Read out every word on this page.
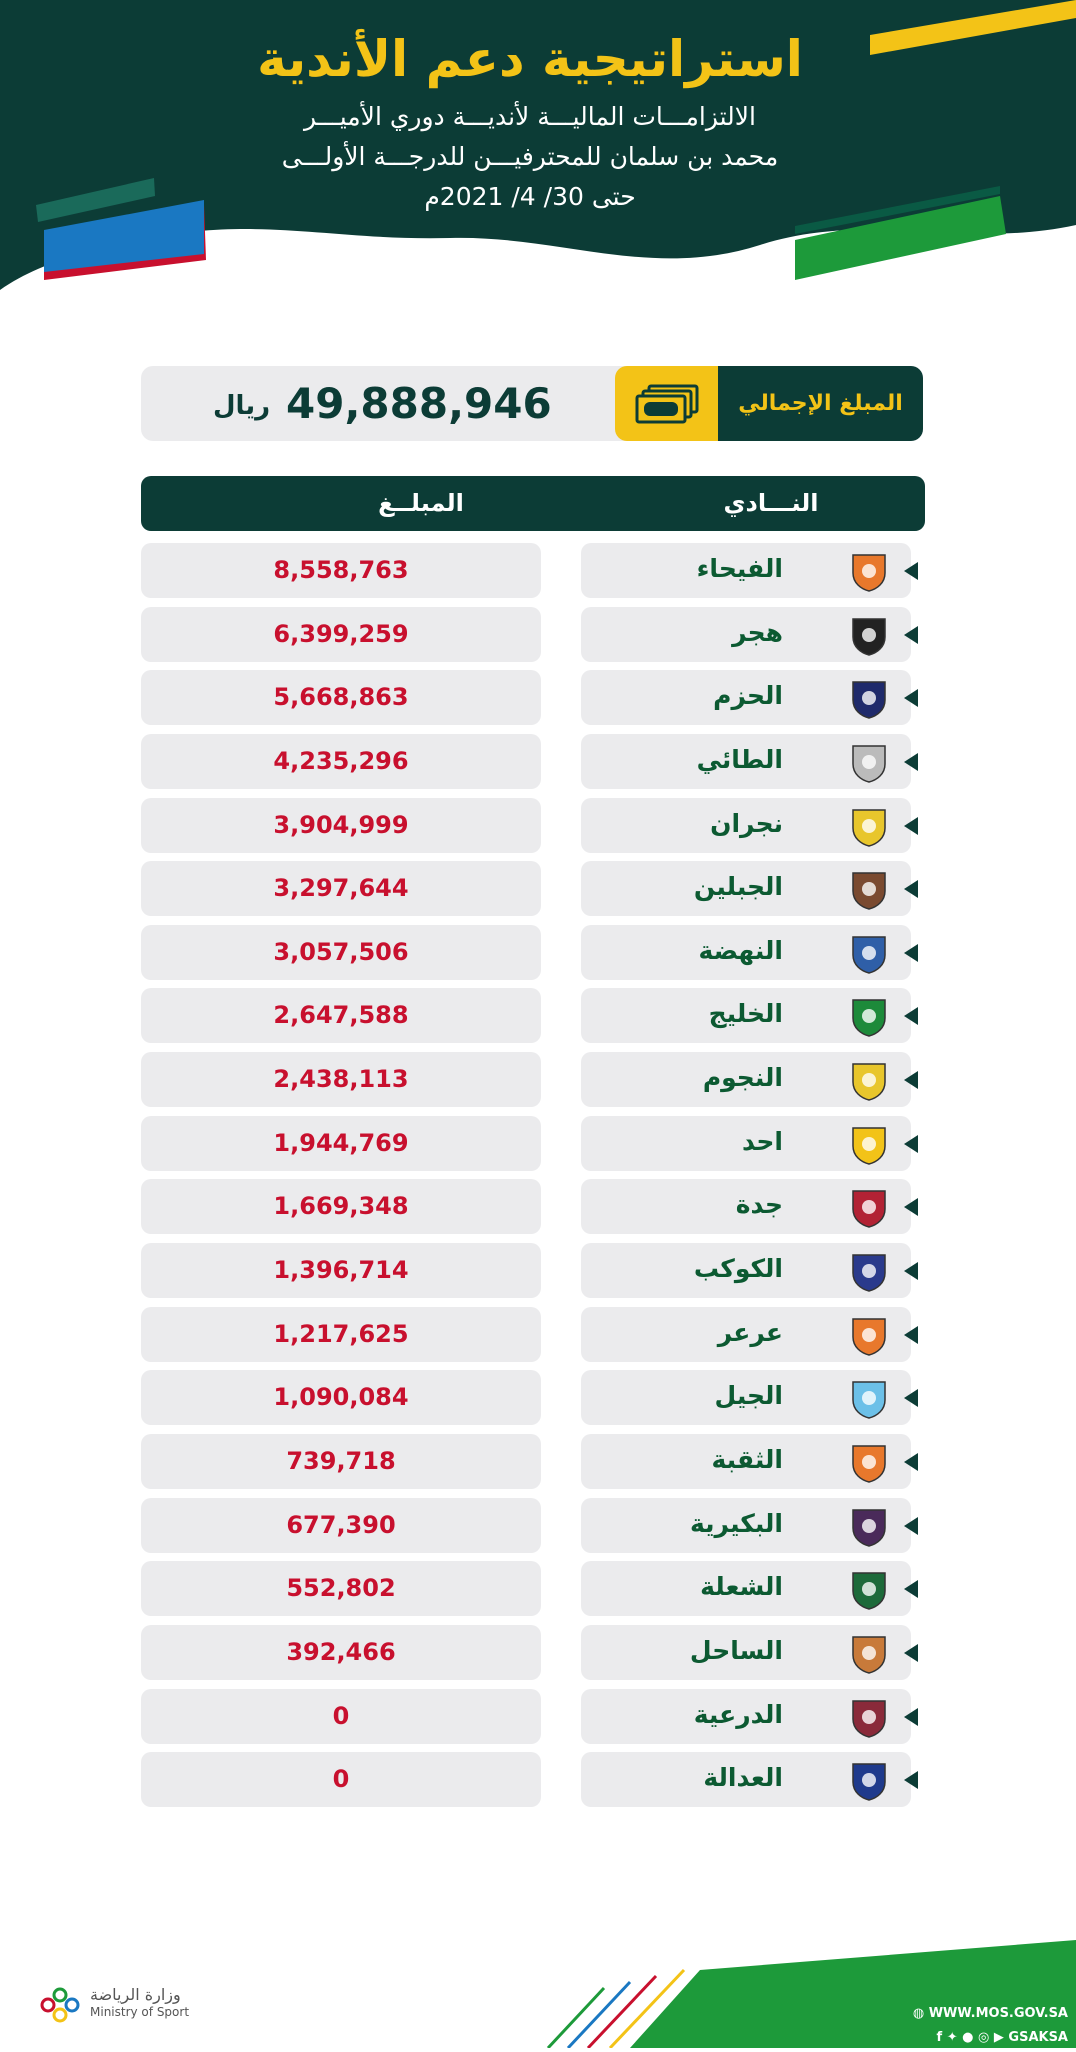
استراتيجية دعم الأندية
الالتزامـــات الماليـــة لأنديـــة دوري الأميـــر
محمد بن سلمان للمحترفيـــن للدرجـــة الأولـــى
حتى 30/ 4/ 2021م
المبلغ الإجمالي
49,888,946
ريال
النـــادي
المبلــغ
8,558,763	الفيحاء
6,399,259	هجر
5,668,863	الحزم
4,235,296	الطائي
3,904,999	نجران
3,297,644	الجبلين
3,057,506	النهضة
2,647,588	الخليج
2,438,113	النجوم
1,944,769	احد
1,669,348	جدة
1,396,714	الكوكب
1,217,625	عرعر
1,090,084	الجيل
739,718	الثقبة
677,390	البكيرية
552,802	الشعلة
392,466	الساحل
0	الدرعية
0	العدالة
وزارة الرياضة
Ministry of Sport	◍ WWW.MOS.GOV.SA
f ✦ ● ◎ ▶ GSAKSA
